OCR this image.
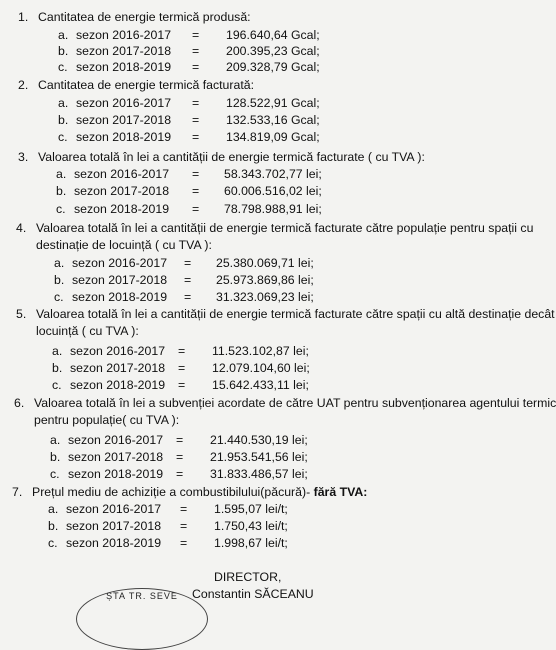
1. Cantitatea de energie termică produsă:
a. sezon 2016-2017 = 196.640,64 Gcal;
b. sezon 2017-2018 = 200.395,23 Gcal;
c. sezon 2018-2019 = 209.328,79 Gcal;
2. Cantitatea de energie termică facturată:
a. sezon 2016-2017 = 128.522,91 Gcal;
b. sezon 2017-2018 = 132.533,16 Gcal;
c. sezon 2018-2019 = 134.819,09 Gcal;
3. Valoarea totală în lei a cantității de energie termică facturate ( cu TVA ):
a. sezon 2016-2017 = 58.343.702,77 lei;
b. sezon 2017-2018 = 60.006.516,02 lei;
c. sezon 2018-2019 = 78.798.988,91 lei;
4. Valoarea totală în lei a cantității de energie termică facturate către populație pentru spații cu
destinație de locuință ( cu TVA ):
a. sezon 2016-2017 = 25.380.069,71 lei;
b. sezon 2017-2018 = 25.973.869,86 lei;
c. sezon 2018-2019 = 31.323.069,23 lei;
5. Valoarea totală în lei a cantității de energie termică facturate către spații cu altă destinație decât
locuință ( cu TVA ):
a. sezon 2016-2017 = 11.523.102,87 lei;
b. sezon 2017-2018 = 12.079.104,60 lei;
c. sezon 2018-2019 = 15.642.433,11 lei;
6. Valoarea totală în lei a subvenției acordate de către UAT pentru subvenționarea agentului termic
pentru populație( cu TVA ):
a. sezon 2016-2017 = 21.440.530,19 lei;
b. sezon 2017-2018 = 21.953.541,56 lei;
c. sezon 2018-2019 = 31.833.486,57 lei;
7. Prețul mediu de achiziție a combustibilului(păcură)- fără TVA:
a. sezon 2016-2017 = 1.595,07 lei/t;
b. sezon 2017-2018 = 1.750,43 lei/t;
c. sezon 2018-2019 = 1.998,67 lei/t;
DIRECTOR,
Constantin SĂCEANU
ȘTA TR. SEVE
